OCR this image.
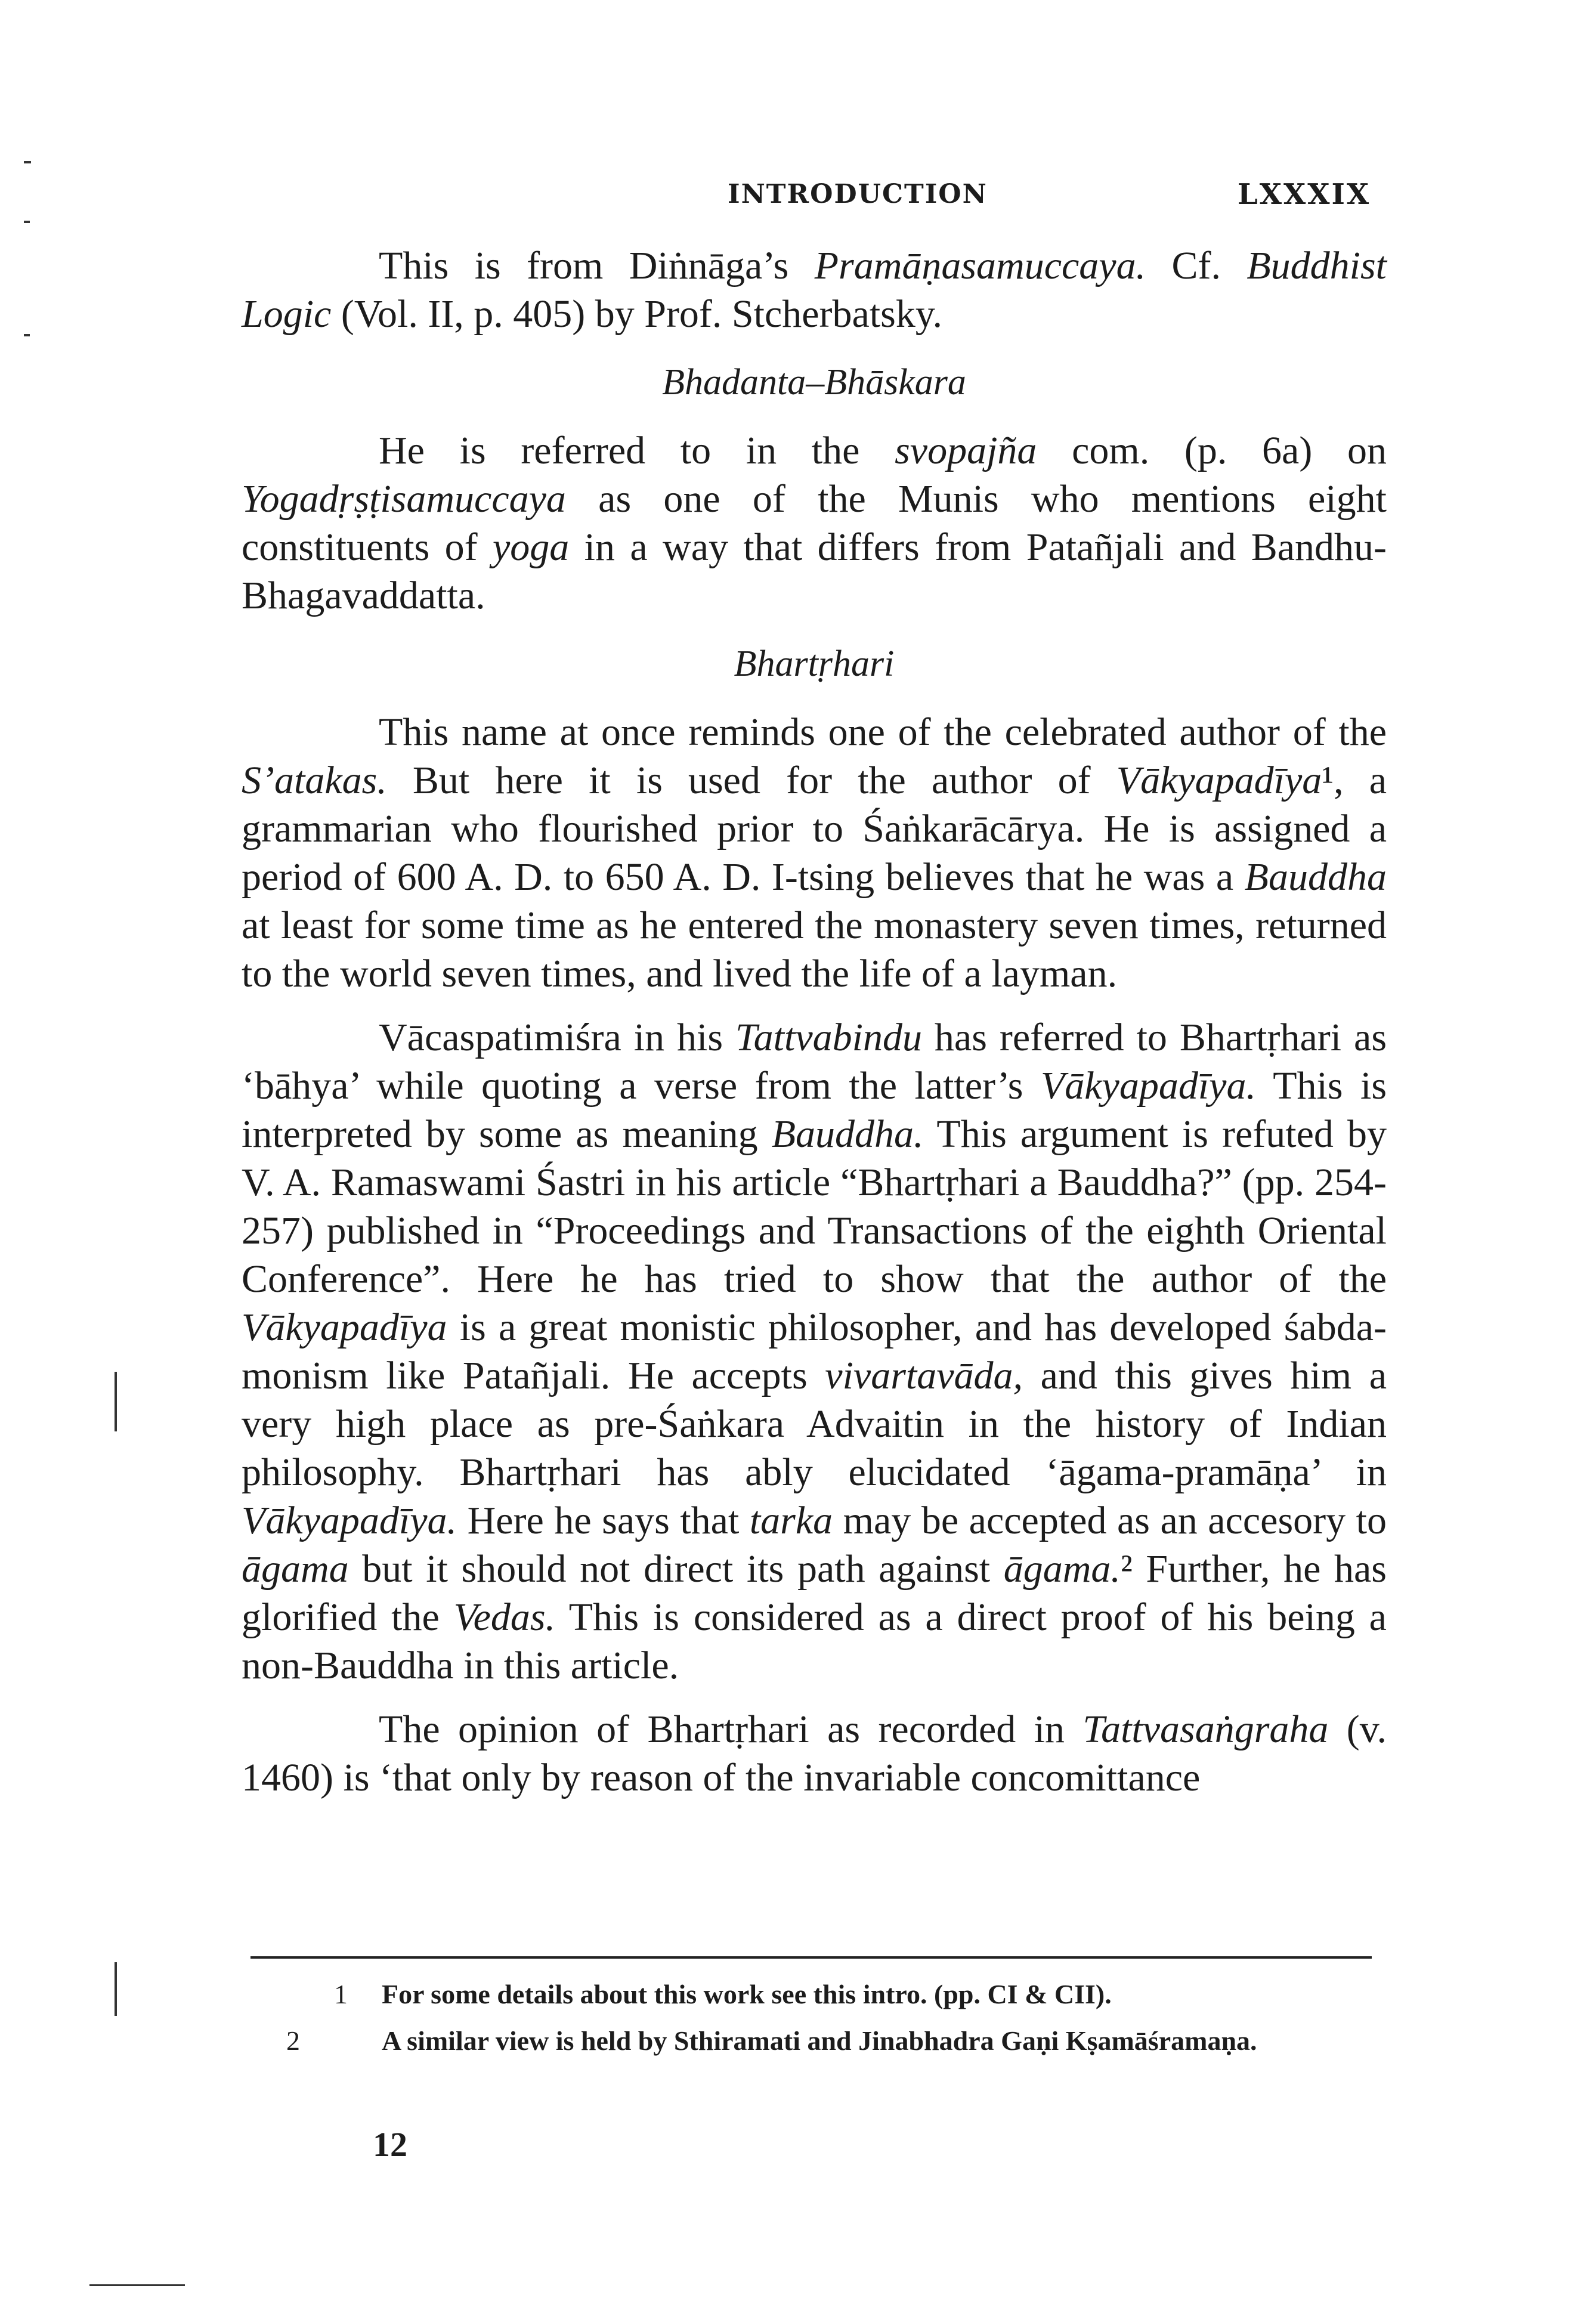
INTRODUCTION	LXXXIX

This is from Diṅnāga’s Pramāṇasamuccaya. Cf. Buddhist Logic (Vol. II, p. 405) by Prof. Stcherbatsky.

Bhadanta–Bhāskara

He is referred to in the svopajña com. (p. 6a) on Yogadṛṣṭisamuccaya as one of the Munis who mentions eight constituents of yoga in a way that differs from Patañjali and Bandhu-Bhagavaddatta.

Bhartṛhari

This name at once reminds one of the celebrated author of the S’atakas. But here it is used for the author of Vākyapadīya¹, a grammarian who flourished prior to Śaṅkarācārya. He is assigned a period of 600 A. D. to 650 A. D. I-tsing believes that he was a Bauddha at least for some time as he entered the monastery seven times, returned to the world seven times, and lived the life of a layman.

Vācaspatimiśra in his Tattvabindu has referred to Bhartṛhari as ‘bāhya’ while quoting a verse from the latter’s Vākyapadīya. This is interpreted by some as meaning Bauddha. This argument is refuted by V. A. Ramaswami Śastri in his article “Bhartṛhari a Bauddha?” (pp. 254-257) published in “Proceedings and Transactions of the eighth Oriental Conference”. Here he has tried to show that the author of the Vākyapadīya is a great monistic philosopher, and has developed śabda-monism like Patañjali. He accepts vivartavāda, and this gives him a very high place as pre-Śaṅkara Advaitin in the history of Indian philosophy. Bhartṛhari has ably elucidated ‘āgama-pramāṇa’ in Vākyapadīya. Here he says that tarka may be accepted as an accesory to āgama but it should not direct its path against āgama.² Further, he has glorified the Vedas. This is considered as a direct proof of his being a non-Bauddha in this article.

The opinion of Bhartṛhari as recorded in Tattvasaṅgraha (v. 1460) is ‘that only by reason of the invariable concomittance

1 For some details about this work see this intro. (pp. CI & CII).
2	A similar view is held by Sthiramati and Jinabhadra Gaṇi Kṣamāśramaṇa.
12
